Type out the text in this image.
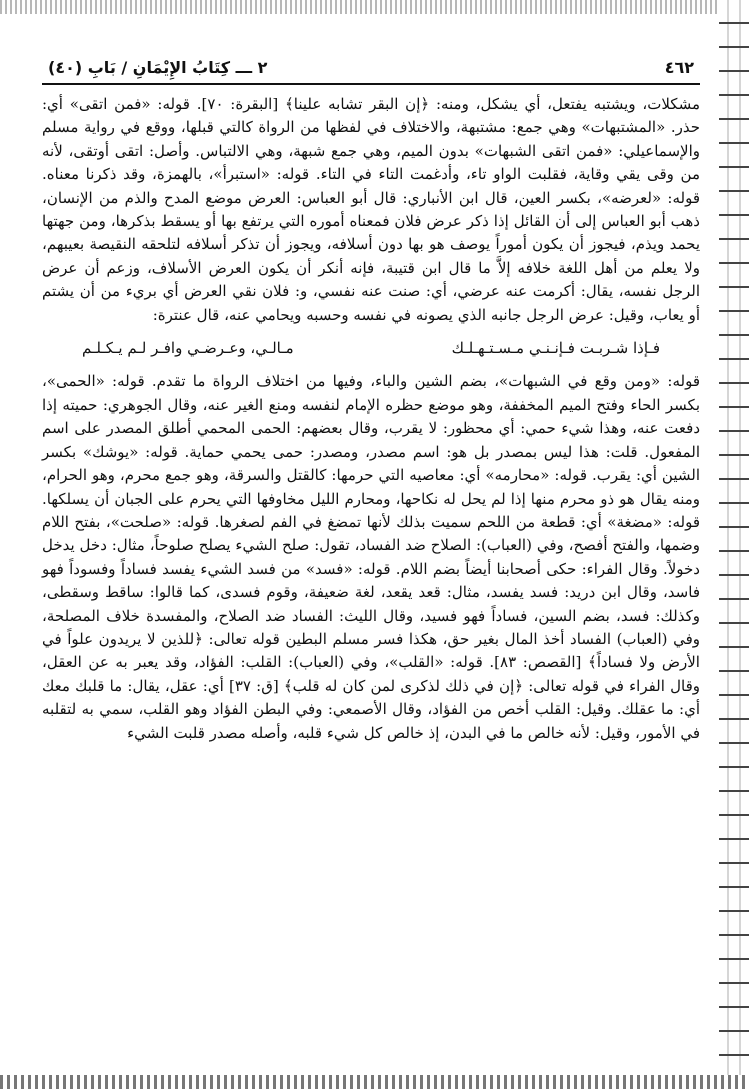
٤٦٢
٢ ـــ كِتَابُ الإِيْمَانِ / بَابِ (٤٠)

مشكلات، ويشتبه يفتعل، أي يشكل، ومنه: ﴿إن البقر تشابه علينا﴾ [البقرة: ٧٠]. قوله: «فمن اتقى» أي: حذر. «المشتبهات» وهي جمع: مشتبهة، والاختلاف في لفظها من الرواة كالتي قبلها، ووقع في رواية مسلم والإسماعيلي: «فمن اتقى الشبهات» بدون الميم، وهي جمع شبهة، وهي الالتباس. وأصل: اتقى أوتقى، لأنه من وقى يقي وقاية، فقلبت الواو تاء، وأدغمت التاء في التاء. قوله: «استبرأ»، بالهمزة، وقد ذكرنا معناه. قوله: «لعرضه»، بكسر العين، قال ابن الأنباري: قال أبو العباس: العرض موضع المدح والذم من الإنسان، ذهب أبو العباس إلى أن القائل إذا ذكر عرض فلان فمعناه أموره التي يرتفع بها أو يسقط بذكرها، ومن جهتها يحمد ويذم، فيجوز أن يكون أموراً يوصف هو بها دون أسلافه، ويجوز أن تذكر أسلافه لتلحقه النقيصة بعيبهم، ولا يعلم من أهل اللغة خلافه إلاَّ ما قال ابن قتيبة، فإنه أنكر أن يكون العرض الأسلاف، وزعم أن عرض الرجل نفسه، يقال: أكرمت عنه عرضي، أي: صنت عنه نفسي، و: فلان نقي العرض أي بريء من أن يشتم أو يعاب، وقيل: عرض الرجل جانبه الذي يصونه في نفسه وحسبه ويحامي عنه، قال عنترة:

فـإذا شـربـت فـإنـنـي مـسـتـهـلـك
مـالـي، وعـرضـي وافـر لـم يـكـلـم

قوله: «ومن وقع في الشبهات»، بضم الشين والباء، وفيها من اختلاف الرواة ما تقدم. قوله: «الحمى»، بكسر الحاء وفتح الميم المخففة، وهو موضع حظره الإمام لنفسه ومنع الغير عنه، وقال الجوهري: حميته إذا دفعت عنه، وهذا شيء حمي: أي محظور: لا يقرب، وقال بعضهم: الحمى المحمي أطلق المصدر على اسم المفعول. قلت: هذا ليس بمصدر بل هو: اسم مصدر، ومصدر: حمى يحمي حماية. قوله: «يوشك» بكسر الشين أي: يقرب. قوله: «محارمه» أي: معاصيه التي حرمها: كالقتل والسرقة، وهو جمع محرم، وهو الحرام، ومنه يقال هو ذو محرم منها إذا لم يحل له نكاحها، ومحارم الليل مخاوفها التي يحرم على الجبان أن يسلكها. قوله: «مضغة» أي: قطعة من اللحم سميت بذلك لأنها تمضغ في الفم لصغرها. قوله: «صلحت»، بفتح اللام وضمها، والفتح أفصح، وفي (العباب): الصلاح ضد الفساد، تقول: صلح الشيء يصلح صلوحاً، مثال: دخل يدخل دخولاً. وقال الفراء: حكى أصحابنا أيضاً بضم اللام. قوله: «فسد» من فسد الشيء يفسد فساداً وفسوداً فهو فاسد، وقال ابن دريد: فسد يفسد، مثال: قعد يقعد، لغة ضعيفة، وقوم فسدى، كما قالوا: ساقط وسقطى، وكذلك: فسد، بضم السين، فساداً فهو فسيد، وقال الليث: الفساد ضد الصلاح، والمفسدة خلاف المصلحة، وفي (العباب) الفساد أخذ المال بغير حق، هكذا فسر مسلم البطين قوله تعالى: ﴿للذين لا يريدون علواً في الأرض ولا فساداً﴾ [القصص: ٨٣]. قوله: «القلب»، وفي (العباب): القلب: الفؤاد، وقد يعبر به عن العقل، وقال الفراء في قوله تعالى: ﴿إن في ذلك لذكرى لمن كان له قلب﴾ [ق: ٣٧] أي: عقل، يقال: ما قلبك معك أي: ما عقلك. وقيل: القلب أخص من الفؤاد، وقال الأصمعي: وفي البطن الفؤاد وهو القلب، سمي به لتقلبه في الأمور، وقيل: لأنه خالص ما في البدن، إذ خالص كل شيء قلبه، وأصله مصدر قلبت الشيء
